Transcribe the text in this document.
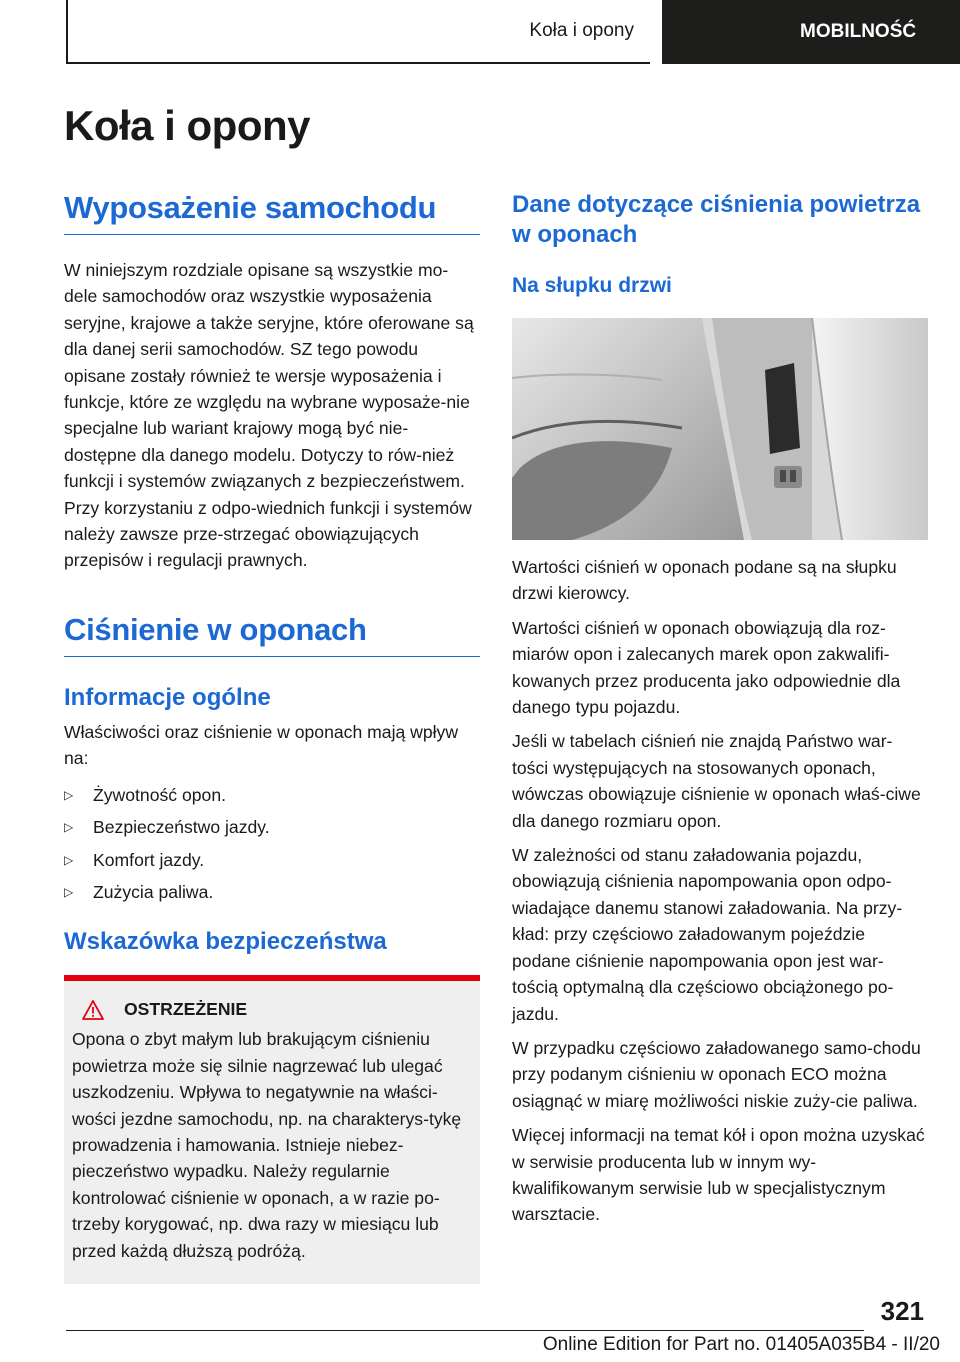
Koła i opony	MOBILNOŚĆ
Koła i opony
Wyposażenie samochodu

W niniejszym rozdziale opisane są wszystkie mo-dele samochodów oraz wszystkie wyposażenia seryjne, krajowe a także seryjne, które oferowane są dla danej serii samochodów. SZ tego powodu opisane zostały również te wersje wyposażenia i funkcje, które ze względu na wybrane wyposaże-nie specjalne lub wariant krajowy mogą być nie-dostępne dla danego modelu. Dotyczy to rów-nież funkcji i systemów związanych z bezpieczeństwem. Przy korzystaniu z odpo-wiednich funkcji i systemów należy zawsze prze-strzegać obowiązujących przepisów i regulacji prawnych.

Ciśnienie w oponach
Informacje ogólne

Właściwości oraz ciśnienie w oponach mają wpływ na:

▷	Żywotność opon.
▷	Bezpieczeństwo jazdy.
▷	Komfort jazdy.
▷	Zużycia paliwa.
Wskazówka bezpieczeństwa
OSTRZEŻENIE

Opona o zbyt małym lub brakującym ciśnieniu powietrza może się silnie nagrzewać lub ulegać uszkodzeniu. Wpływa to negatywnie na właści-wości jezdne samochodu, np. na charakterys-tykę prowadzenia i hamowania. Istnieje niebez-pieczeństwo wypadku. Należy regularnie kontrolować ciśnienie w oponach, a w razie po-trzeby korygować, np. dwa razy w miesiącu lub przed każdą dłuższą podróżą.

Dane dotyczące ciśnienia powietrza w oponach
Na słupku drzwi

Wartości ciśnień w oponach podane są na słupku drzwi kierowcy.

Wartości ciśnień w oponach obowiązują dla roz-miarów opon i zalecanych marek opon zakwalifi-kowanych przez producenta jako odpowiednie dla danego typu pojazdu.

Jeśli w tabelach ciśnień nie znajdą Państwo war-tości występujących na stosowanych oponach, wówczas obowiązuje ciśnienie w oponach właś-ciwe dla danego rozmiaru opon.

W zależności od stanu załadowania pojazdu, obowiązują ciśnienia napompowania opon odpo-wiadające danemu stanowi załadowania. Na przy-kład: przy częściowo załadowanym pojeździe podane ciśnienie napompowania opon jest war-tością optymalną dla częściowo obciążonego po-jazdu.

W przypadku częściowo załadowanego samo-chodu przy podanym ciśnieniu w oponach ECO można osiągnąć w miarę możliwości niskie zuży-cie paliwa.

Więcej informacji na temat kół i opon można uzyskać w serwisie producenta lub w innym wy-kwalifikowanym serwisie lub w specjalistycznym warsztacie.

321
Online Edition for Part no. 01405A035B4 - II/20
